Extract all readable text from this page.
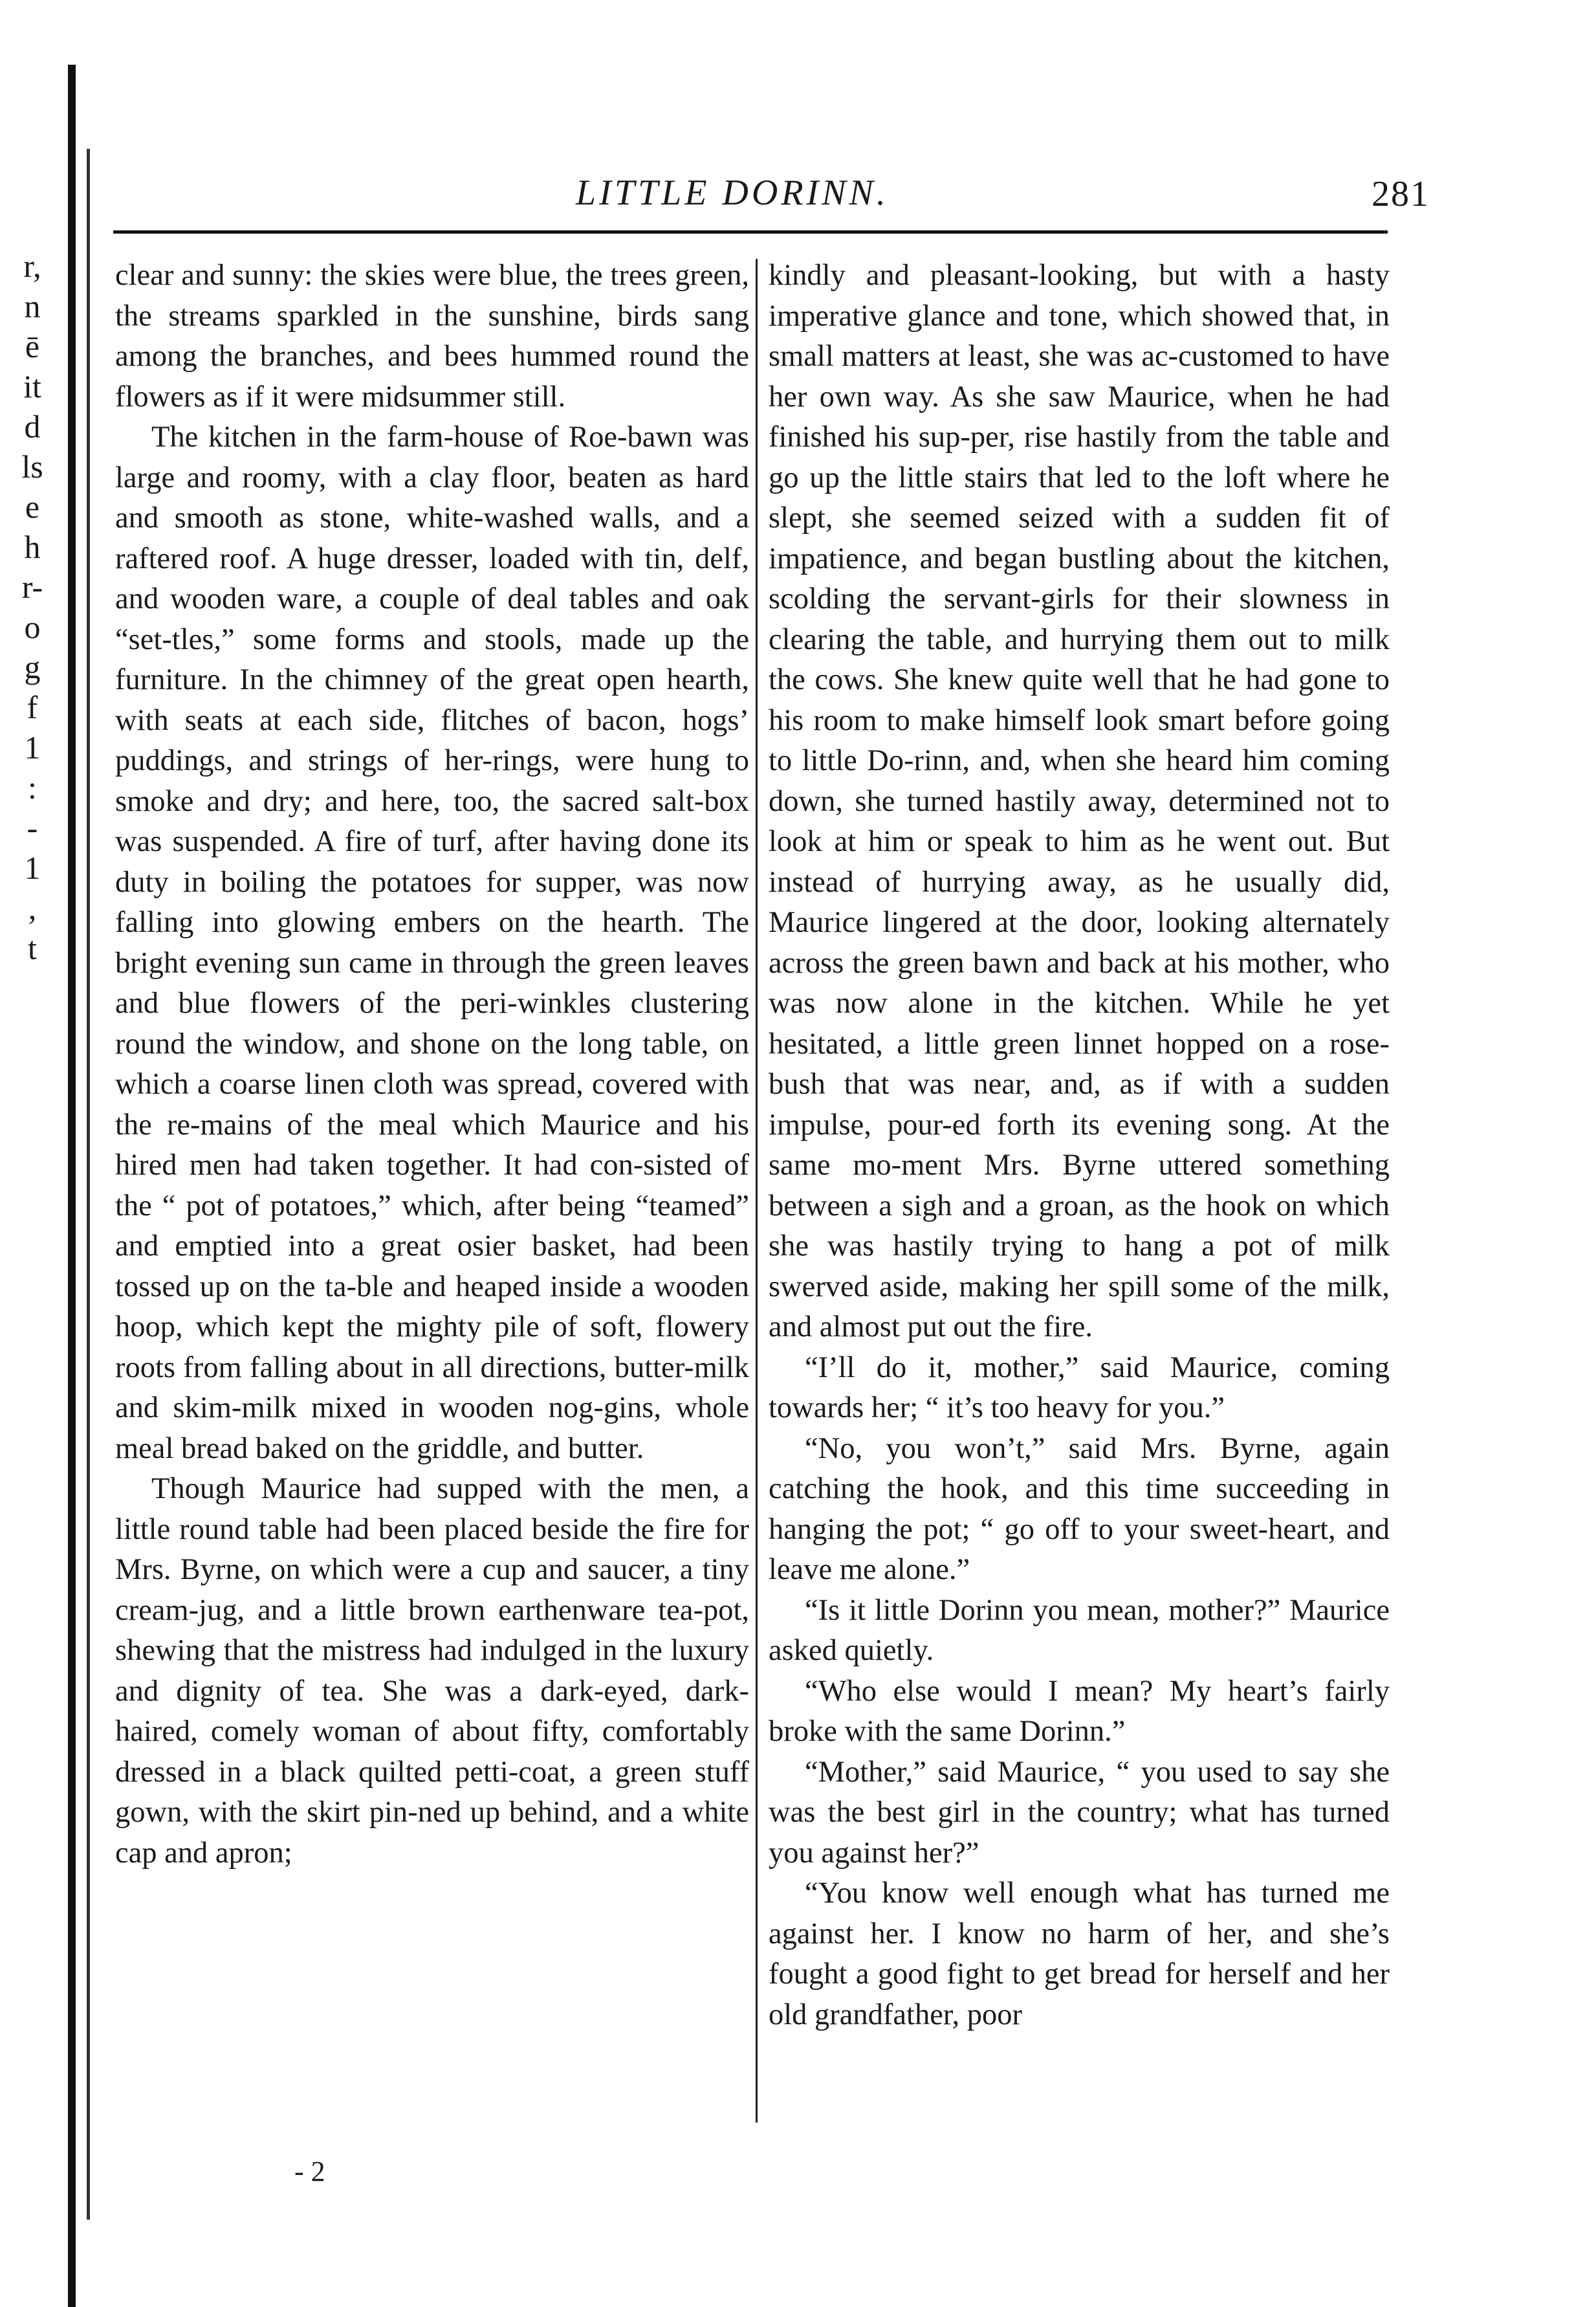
r,
n
ē
it
d
ls
e
h
r-
o
g
f
1
:
-
1
,
t
LITTLE DORINN.	281

clear and sunny: the skies were blue, the trees green, the streams sparkled in the sunshine, birds sang among the branches, and bees hummed round the flowers as if it were midsummer still.

The kitchen in the farm-house of Roe-bawn was large and roomy, with a clay floor, beaten as hard and smooth as stone, white-washed walls, and a raftered roof. A huge dresser, loaded with tin, delf, and wooden ware, a couple of deal tables and oak “set-tles,” some forms and stools, made up the furniture. In the chimney of the great open hearth, with seats at each side, flitches of bacon, hogs’ puddings, and strings of her-rings, were hung to smoke and dry; and here, too, the sacred salt-box was suspended. A fire of turf, after having done its duty in boiling the potatoes for supper, was now falling into glowing embers on the hearth. The bright evening sun came in through the green leaves and blue flowers of the peri-winkles clustering round the window, and shone on the long table, on which a coarse linen cloth was spread, covered with the re-mains of the meal which Maurice and his hired men had taken together. It had con-sisted of the “ pot of potatoes,” which, after being “teamed” and emptied into a great osier basket, had been tossed up on the ta-ble and heaped inside a wooden hoop, which kept the mighty pile of soft, flowery roots from falling about in all directions, butter-milk and skim-milk mixed in wooden nog-gins, whole meal bread baked on the griddle, and butter.

Though Maurice had supped with the men, a little round table had been placed beside the fire for Mrs. Byrne, on which were a cup and saucer, a tiny cream-jug, and a little brown earthenware tea-pot, shewing that the mistress had indulged in the luxury and dignity of tea. She was a dark-eyed, dark-haired, comely woman of about fifty, comfortably dressed in a black quilted petti-coat, a green stuff gown, with the skirt pin-ned up behind, and a white cap and apron;

kindly and pleasant-looking, but with a hasty imperative glance and tone, which showed that, in small matters at least, she was ac-customed to have her own way. As she saw Maurice, when he had finished his sup-per, rise hastily from the table and go up the little stairs that led to the loft where he slept, she seemed seized with a sudden fit of impatience, and began bustling about the kitchen, scolding the servant-girls for their slowness in clearing the table, and hurrying them out to milk the cows. She knew quite well that he had gone to his room to make himself look smart before going to little Do-rinn, and, when she heard him coming down, she turned hastily away, determined not to look at him or speak to him as he went out. But instead of hurrying away, as he usually did, Maurice lingered at the door, looking alternately across the green bawn and back at his mother, who was now alone in the kitchen. While he yet hesitated, a little green linnet hopped on a rose-bush that was near, and, as if with a sudden impulse, pour-ed forth its evening song. At the same mo-ment Mrs. Byrne uttered something between a sigh and a groan, as the hook on which she was hastily trying to hang a pot of milk swerved aside, making her spill some of the milk, and almost put out the fire.

“I’ll do it, mother,” said Maurice, coming towards her; “ it’s too heavy for you.”

“No, you won’t,” said Mrs. Byrne, again catching the hook, and this time succeeding in hanging the pot; “ go off to your sweet-heart, and leave me alone.”

“Is it little Dorinn you mean, mother?” Maurice asked quietly.

“Who else would I mean? My heart’s fairly broke with the same Dorinn.”

“Mother,” said Maurice, “ you used to say she was the best girl in the country; what has turned you against her?”

“You know well enough what has turned me against her. I know no harm of her, and she’s fought a good fight to get bread for herself and her old grandfather, poor

- 2
